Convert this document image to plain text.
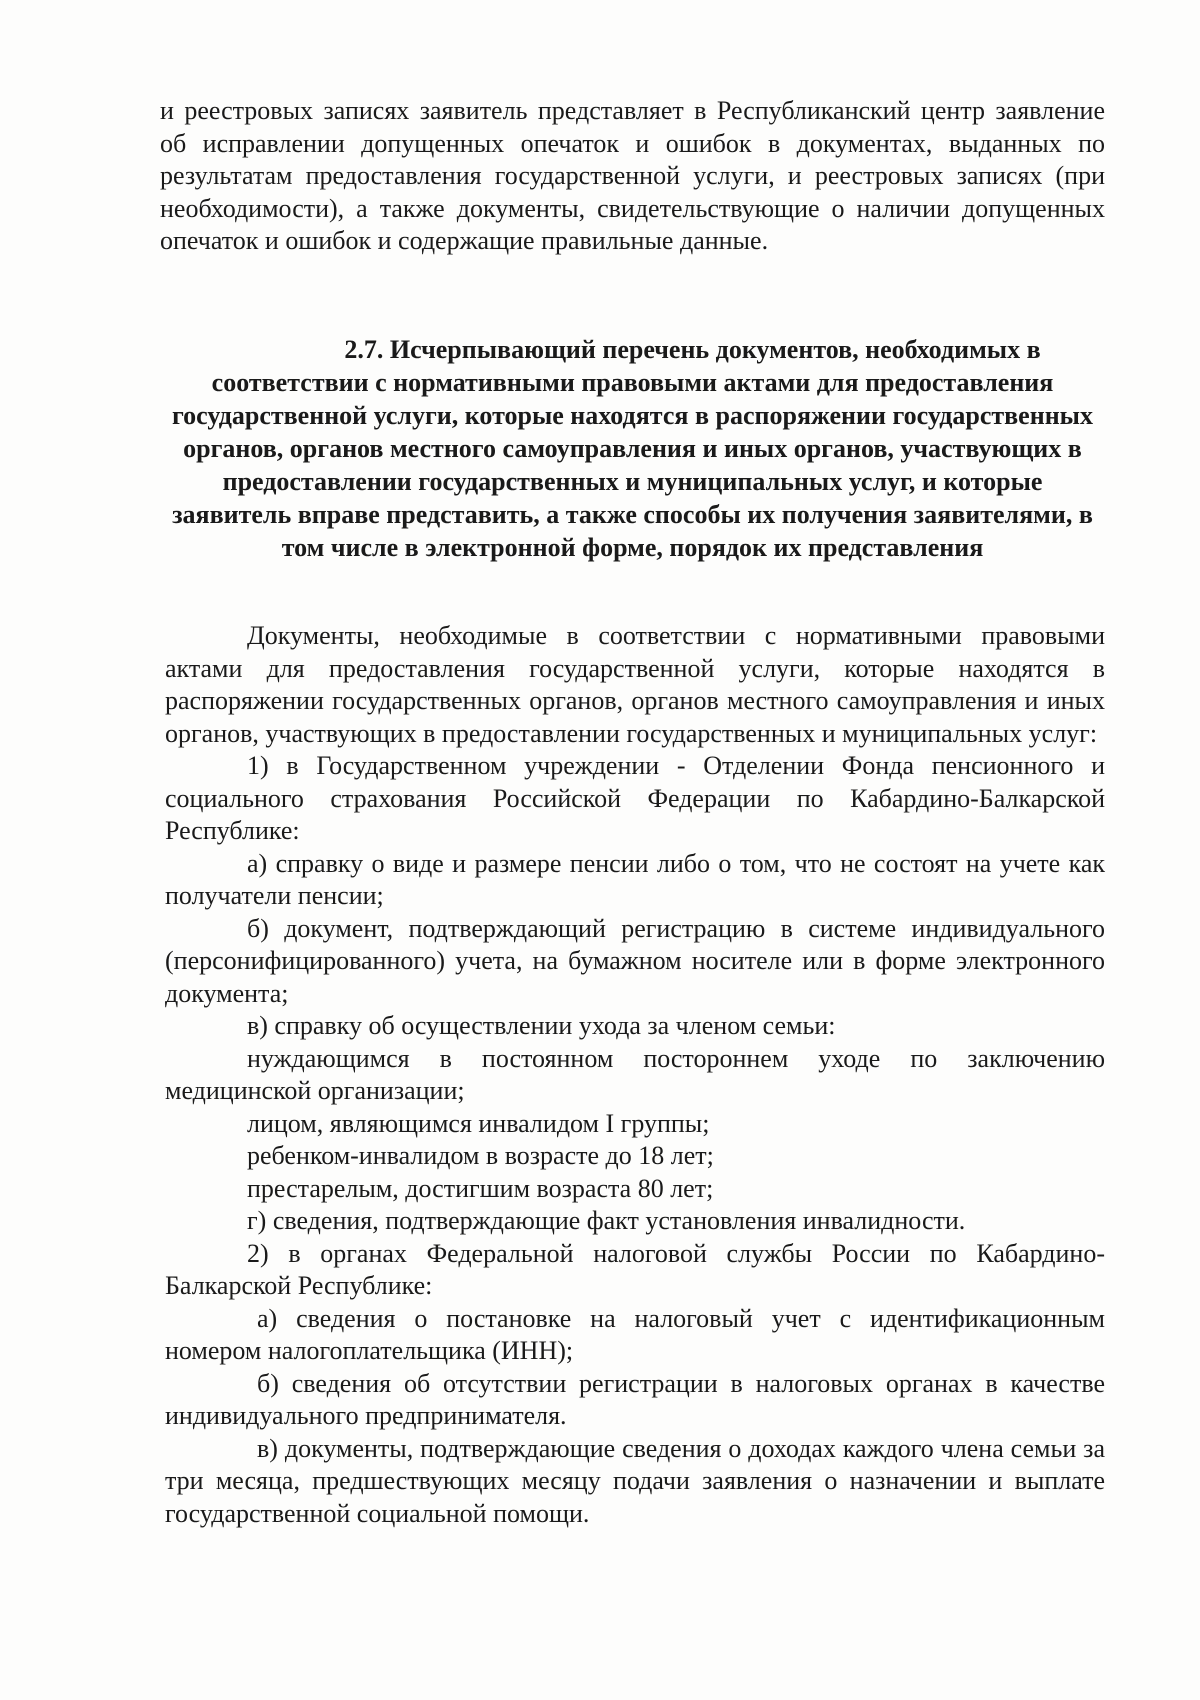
и реестровых записях заявитель представляет в Республиканский центр заявление об исправлении допущенных опечаток и ошибок в документах, выданных по результатам предоставления государственной услуги, и реестровых записях (при необходимости), а также документы, свидетельствующие о наличии допущенных опечаток и ошибок и содержащие правильные данные.

2.7. Исчерпывающий перечень документов, необходимых в соответствии с нормативными правовыми актами для предоставления государственной услуги, которые находятся в распоряжении государственных органов, органов местного самоуправления и иных органов, участвующих в предоставлении государственных и муниципальных услуг, и которые заявитель вправе представить, а также способы их получения заявителями, в том числе в электронной форме, порядок их представления

Документы, необходимые в соответствии с нормативными правовыми актами для предоставления государственной услуги, которые находятся в распоряжении государственных органов, органов местного самоуправления и иных органов, участвующих в предоставлении государственных и муниципальных услуг:

1) в Государственном учреждении - Отделении Фонда пенсионного и социального страхования Российской Федерации по Кабардино-Балкарской Республике:

а) справку о виде и размере пенсии либо о том, что не состоят на учете как получатели пенсии;

б) документ, подтверждающий регистрацию в системе индивидуального (персонифицированного) учета, на бумажном носителе или в форме электронного документа;

в) справку об осуществлении ухода за членом семьи:

нуждающимся в постоянном постороннем уходе по заключению медицинской организации;

лицом, являющимся инвалидом I группы;

ребенком-инвалидом в возрасте до 18 лет;

престарелым, достигшим возраста 80 лет;

г) сведения, подтверждающие факт установления инвалидности.

2) в органах Федеральной налоговой службы России по Кабардино-Балкарской Республике:

а) сведения о постановке на налоговый учет с идентификационным номером налогоплательщика (ИНН);

б) сведения об отсутствии регистрации в налоговых органах в качестве индивидуального предпринимателя.

в) документы, подтверждающие сведения о доходах каждого члена семьи за три месяца, предшествующих месяцу подачи заявления о назначении и выплате государственной социальной помощи.
